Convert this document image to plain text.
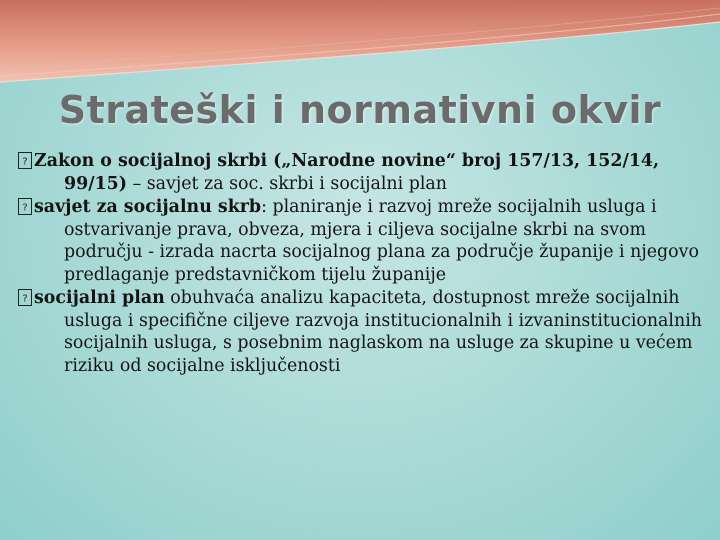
Strateški i normativni okvir

? Zakon o socijalnoj skrbi („Narodne novine“ broj 157/13, 152/14, 99/15) – savjet za soc. skrbi i socijalni plan

? savjet za socijalnu skrb: planiranje i razvoj mreže socijalnih usluga i ostvarivanje prava, obveza, mjera i ciljeva socijalne skrbi na svom području - izrada nacrta socijalnog plana za područje županije i njegovo predlaganje predstavničkom tijelu županije

? socijalni plan obuhvaća analizu kapaciteta, dostupnost mreže socijalnih usluga i specifične ciljeve razvoja institucionalnih i izvaninstitucionalnih socijalnih usluga, s posebnim naglaskom na usluge za skupine u većem riziku od socijalne isključenosti
